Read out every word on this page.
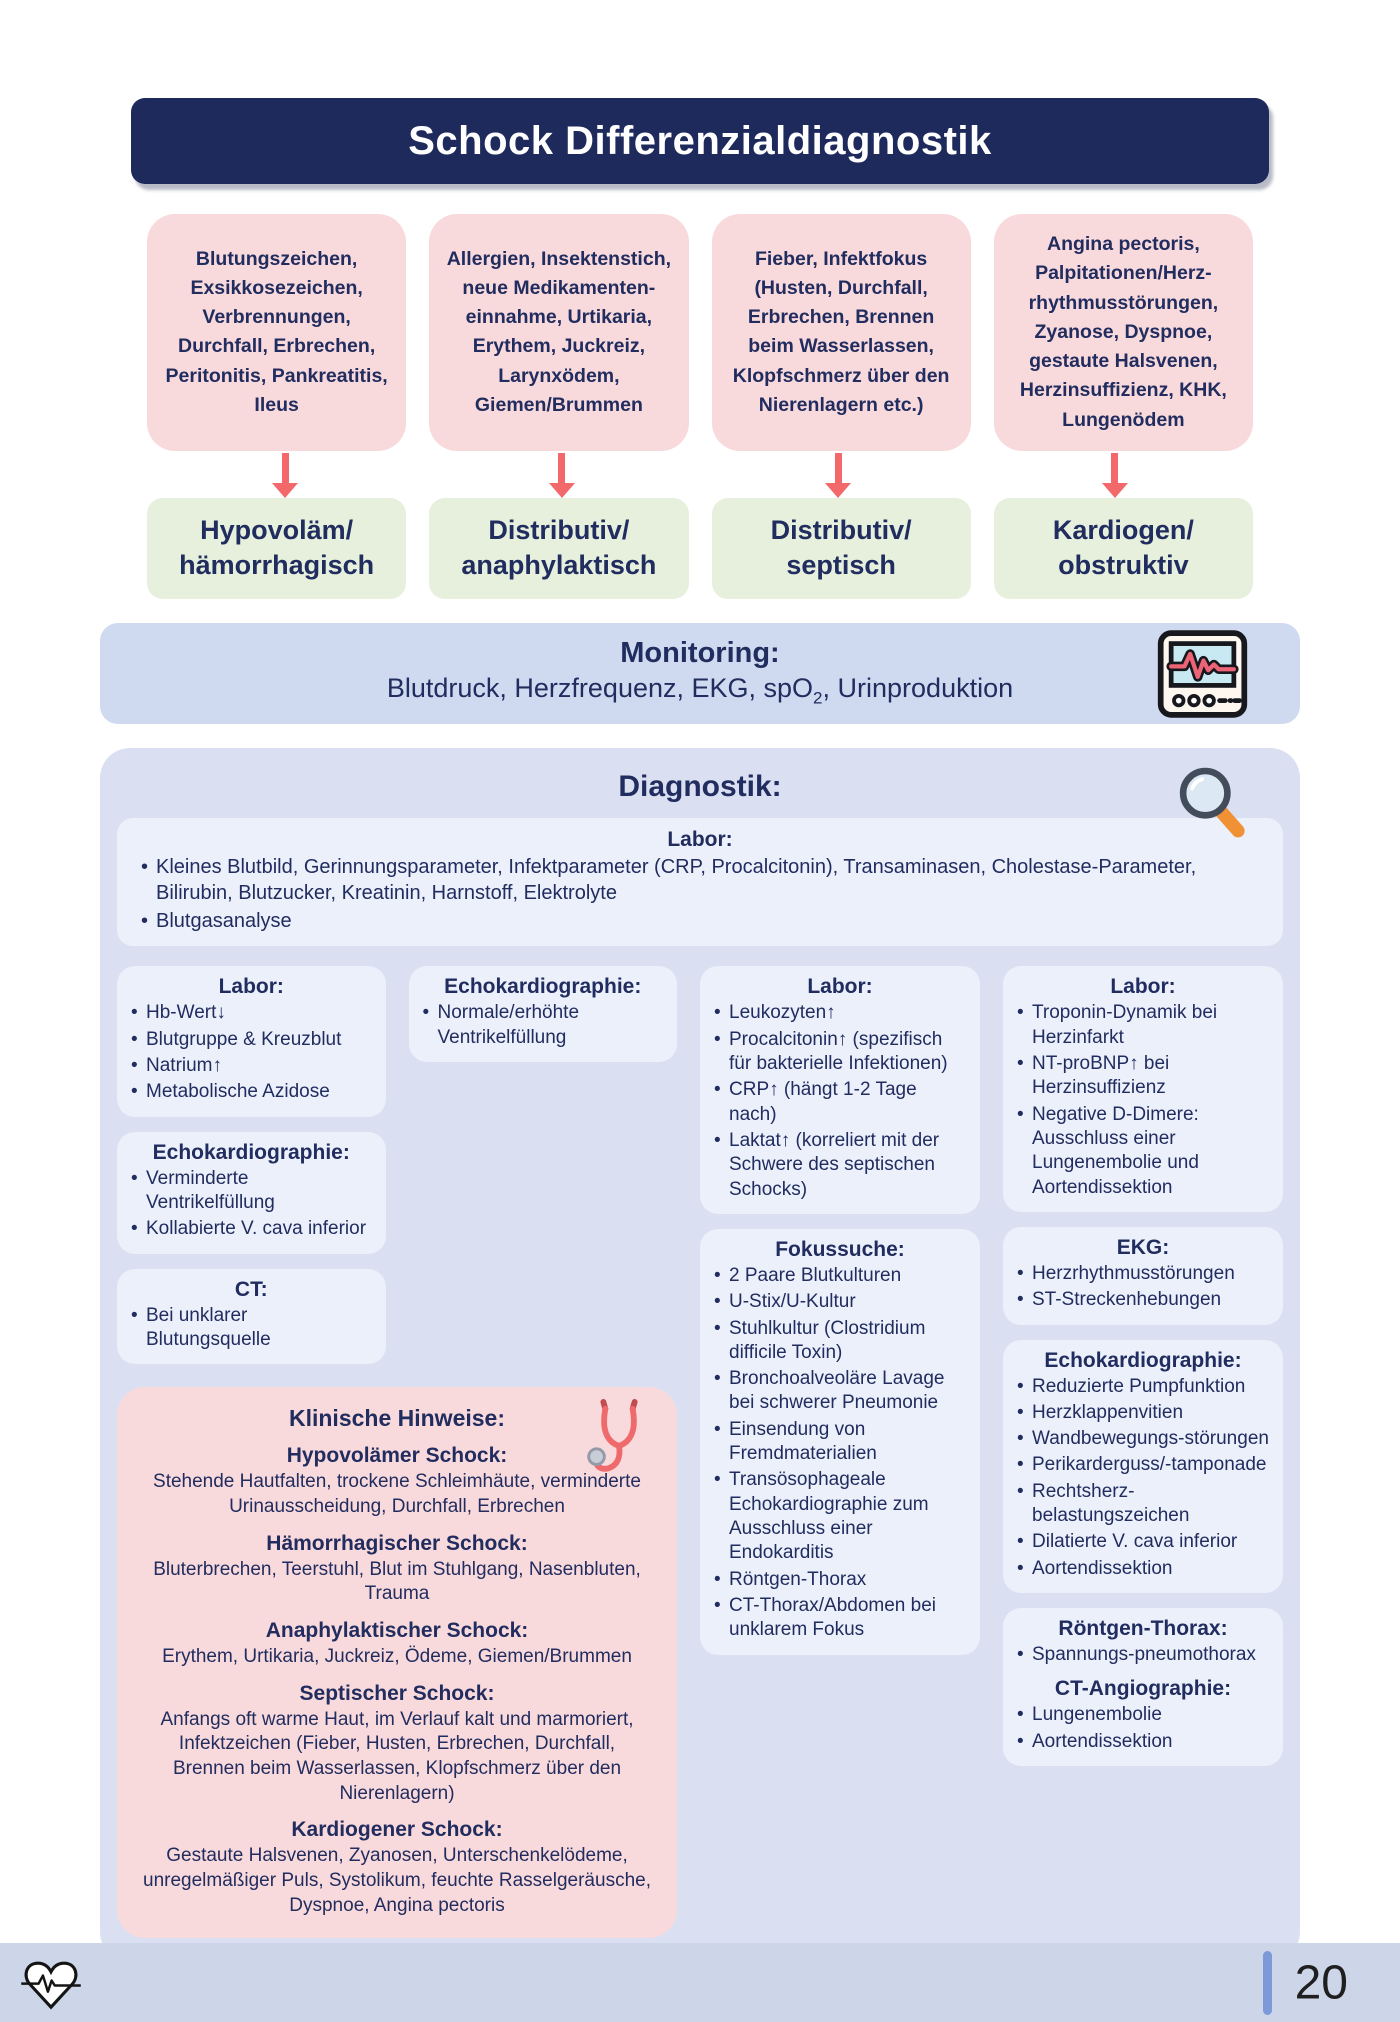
Schock Differenzialdiagnostik
Blutungszeichen, Exsikkosezeichen, Verbrennungen, Durchfall, Erbrechen, Peritonitis, Pankreatitis, Ileus
Allergien, Insektenstich, neue Medikamenten-einnahme, Urtikaria, Erythem, Juckreiz, Larynxödem, Giemen/Brummen
Fieber, Infektfokus (Husten, Durchfall, Erbrechen, Brennen beim Wasserlassen, Klopfschmerz über den Nierenlagern etc.)
Angina pectoris, Palpitationen/Herz-rhythmusstörungen, Zyanose, Dyspnoe, gestaute Halsvenen, Herzinsuffizienz, KHK, Lungenödem
Hypovoläm/
hämorrhagisch
Distributiv/
anaphylaktisch
Distributiv/
septisch
Kardiogen/
obstruktiv
Monitoring:
Blutdruck, Herzfrequenz, EKG, spO$_2$, Urinproduktion
Diagnostik:
Labor:
• Kleines Blutbild, Gerinnungsparameter, Infektparameter (CRP, Procalcitonin), Transaminasen, Cholestase-Parameter, Bilirubin, Blutzucker, Kreatinin, Harnstoff, Elektrolyte
• Blutgasanalyse
Labor:
• Hb-Wert↓
• Blutgruppe & Kreuzblut
• Natrium↑
• Metabolische Azidose
Echokardiographie:
• Verminderte Ventrikelfüllung
• Kollabierte V. cava inferior
CT:
• Bei unklarer Blutungsquelle
Echokardiographie:
• Normale/erhöhte Ventrikelfüllung
Klinische Hinweise:
Hypovolämer Schock:
Stehende Hautfalten, trockene Schleimhäute, verminderte Urinausscheidung, Durchfall, Erbrechen
Hämorrhagischer Schock:
Bluterbrechen, Teerstuhl, Blut im Stuhlgang, Nasenbluten, Trauma
Anaphylaktischer Schock:
Erythem, Urtikaria, Juckreiz, Ödeme, Giemen/Brummen
Septischer Schock:
Anfangs oft warme Haut, im Verlauf kalt und marmoriert, Infektzeichen (Fieber, Husten, Erbrechen, Durchfall, Brennen beim Wasserlassen, Klopfschmerz über den Nierenlagern)
Kardiogener Schock:
Gestaute Halsvenen, Zyanosen, Unterschenkelödeme, unregelmäßiger Puls, Systolikum, feuchte Rasselgeräusche, Dyspnoe, Angina pectoris
Labor:
• Leukozyten↑
• Procalcitonin↑ (spezifisch für bakterielle Infektionen)
• CRP↑ (hängt 1-2 Tage nach)
• Laktat↑ (korreliert mit der Schwere des septischen Schocks)
Fokussuche:
• 2 Paare Blutkulturen
• U-Stix/U-Kultur
• Stuhlkultur (Clostridium difficile Toxin)
• Bronchoalveoläre Lavage bei schwerer Pneumonie
• Einsendung von Fremdmaterialien
• Transösophageale Echokardiographie zum Ausschluss einer Endokarditis
• Röntgen-Thorax
• CT-Thorax/Abdomen bei unklarem Fokus
Labor:
• Troponin-Dynamik bei Herzinfarkt
• NT-proBNP↑ bei Herzinsuffizienz
• Negative D-Dimere: Ausschluss einer Lungenembolie und Aortendissektion
EKG:
• Herzrhythmusstörungen
• ST-Streckenhebungen
Echokardiographie:
• Reduzierte Pumpfunktion
• Herzklappenvitien
• Wandbewegungs-störungen
• Perikarderguss/-tamponade
• Rechtsherz-belastungszeichen
• Dilatierte V. cava inferior
• Aortendissektion
Röntgen-Thorax:
• Spannungs-pneumothorax
CT-Angiographie:
• Lungenembolie
• Aortendissektion
20
